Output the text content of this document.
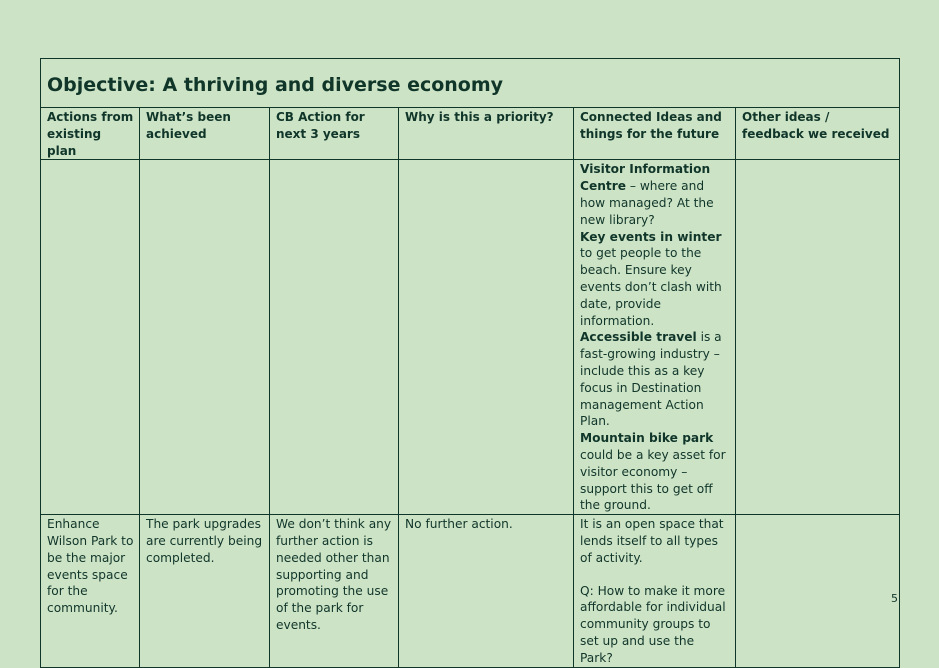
Objective: A thriving and diverse economy					
Actions from existing plan	What’s been achieved	CB Action for next 3 years	Why is this a priority?	Connected Ideas and things for the future	Other ideas / feedback we received

				Visitor Information Centre – where and how managed? At the new library?
Key events in winter to get people to the beach. Ensure key events don’t clash with date, provide information.
Accessible travel is a fast-growing industry – include this as a key focus in Destination management Action Plan.
Mountain bike park could be a key asset for visitor economy – support this to get off the ground.	

Enhance Wilson Park to be the major events space for the community.	The park upgrades are currently being completed.	We don’t think any further action is needed other than supporting and promoting the use of the park for events.	No further action.	It is an open space that lends itself to all types of activity.
Q: How to make it more affordable for individual community groups to set up and use the Park?	

5
